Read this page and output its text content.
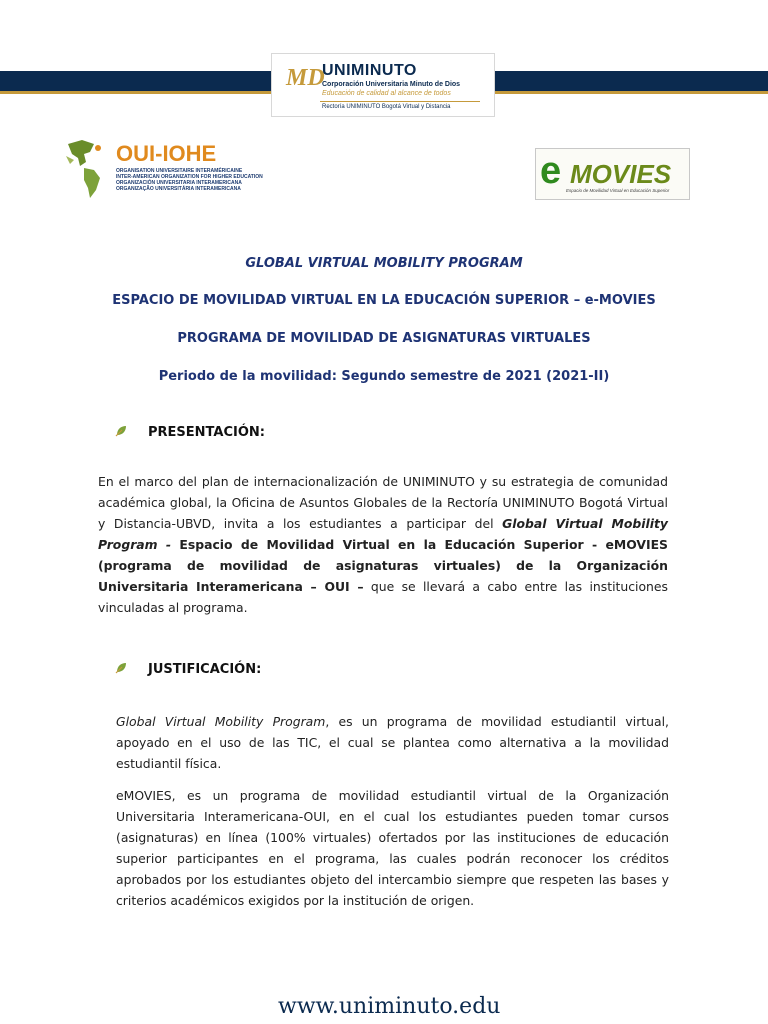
MD
UNIMINUTO
Corporación Universitaria Minuto de Dios
Educación de calidad al alcance de todos
Rectoría UNIMINUTO Bogotá Virtual y Distancia
OUI-IOHE
ORGANISATION UNIVERSITAIRE INTERAMÉRICAINE
INTER-AMERICAN ORGANIZATION FOR HIGHER EDUCATION
ORGANIZACIÓN UNIVERSITARIA INTERAMERICANA
ORGANIZAÇÃO UNIVERSITÁRIA INTERAMERICANA	e MOVIES
Espacio de Movilidad Virtual en Educación Superior
GLOBAL VIRTUAL MOBILITY PROGRAM
ESPACIO DE MOVILIDAD VIRTUAL EN LA EDUCACIÓN SUPERIOR – e-MOVIES
PROGRAMA DE MOVILIDAD DE ASIGNATURAS VIRTUALES
Periodo de la movilidad: Segundo semestre de 2021 (2021-II)
PRESENTACIÓN:
En el marco del plan de internacionalización de UNIMINUTO y su estrategia de comunidad académica global, la Oficina de Asuntos Globales de la Rectoría UNIMINUTO Bogotá Virtual y Distancia-UBVD, invita a los estudiantes a participar del Global Virtual Mobility Program - Espacio de Movilidad Virtual en la Educación Superior - eMOVIES (programa de movilidad de asignaturas virtuales) de la Organización Universitaria Interamericana – OUI – que se llevará a cabo entre las instituciones vinculadas al programa.
JUSTIFICACIÓN:
Global Virtual Mobility Program, es un programa de movilidad estudiantil virtual, apoyado en el uso de las TIC, el cual se plantea como alternativa a la movilidad estudiantil física.
eMOVIES, es un programa de movilidad estudiantil virtual de la Organización Universitaria Interamericana-OUI, en el cual los estudiantes pueden tomar cursos (asignaturas) en línea (100% virtuales) ofertados por las instituciones de educación superior participantes en el programa, las cuales podrán reconocer los créditos aprobados por los estudiantes objeto del intercambio siempre que respeten las bases y criterios académicos exigidos por la institución de origen.
www.uniminuto.edu
